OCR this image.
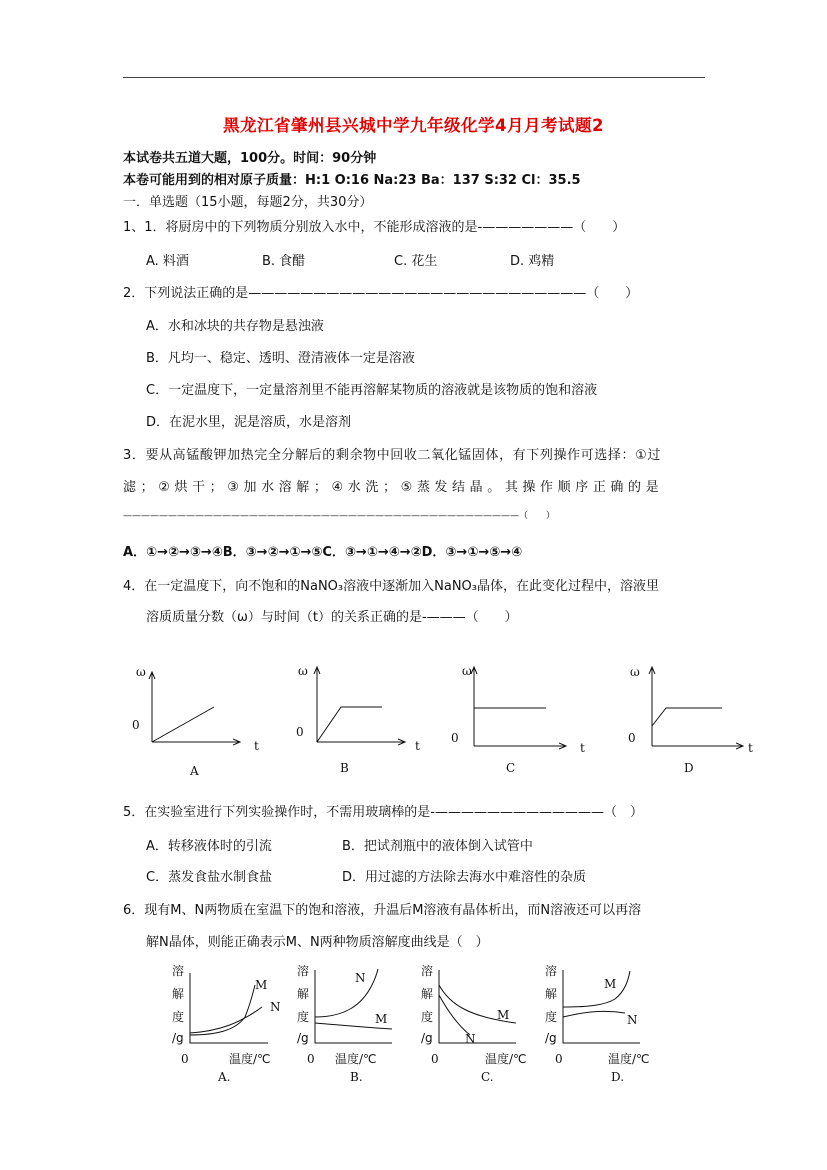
黑龙江省肇州县兴城中学九年级化学4月月考试题2
本试卷共五道大题，100分。时间：90分钟
本卷可能用到的相对原子质量：H:1 O:16 Na:23 Ba：137 S:32 Cl：35.5
一．单选题（15小题，每题2分，共30分）
1、1．将厨房中的下列物质分别放入水中，不能形成溶液的是-———————（　　）
A. 料酒	B. 食醋	C. 花生	D. 鸡精
2．下列说法正确的是——————————————————————————（　　）
A．水和冰块的共存物是悬浊液
B．凡均一、稳定、透明、澄清液体一定是溶液
C．一定温度下，一定量溶剂里不能再溶解某物质的溶液就是该物质的饱和溶液
D．在泥水里，泥是溶质，水是溶剂
3．要从高锰酸钾加热完全分解后的剩余物中回收二氧化锰固体，有下列操作可选择：①过
滤；②烘干；③加水溶解；④水洗；⑤蒸发结晶。其操作顺序正确的是
————————————————————————————————————————————（　　）
A．①→②→③→④B．③→②→①→⑤C．③→①→④→②D．③→①→⑤→④
4．在一定温度下，向不饱和的NaNO₃溶液中逐渐加入NaNO₃晶体，在此变化过程中，溶液里
溶质质量分数（ω）与时间（t）的关系正确的是-———（　　）
ω
0
t
A
ω
0
t
B
ω
0
t
C
ω
0
t
D
5．在实验室进行下列实验操作时，不需用玻璃棒的是-—————————————（　）
A．转移液体时的引流	B．把试剂瓶中的液体倒入试管中
C．蒸发食盐水制食盐	D．用过滤的方法除去海水中难溶性的杂质
6．现有M、N两物质在室温下的饱和溶液，升温后M溶液有晶体析出，而N溶液还可以再溶
解N晶体，则能正确表示M、N两种物质溶解度曲线是（　）
溶
解
度
/g
M
N
0	温度/℃
A.
溶
解
度
/g
N
M
0 温度/℃
B.
溶
解
度
/g
M
N
0	温度/℃
C.
溶
解
度
/g
M
N
0	温度/℃
D.
